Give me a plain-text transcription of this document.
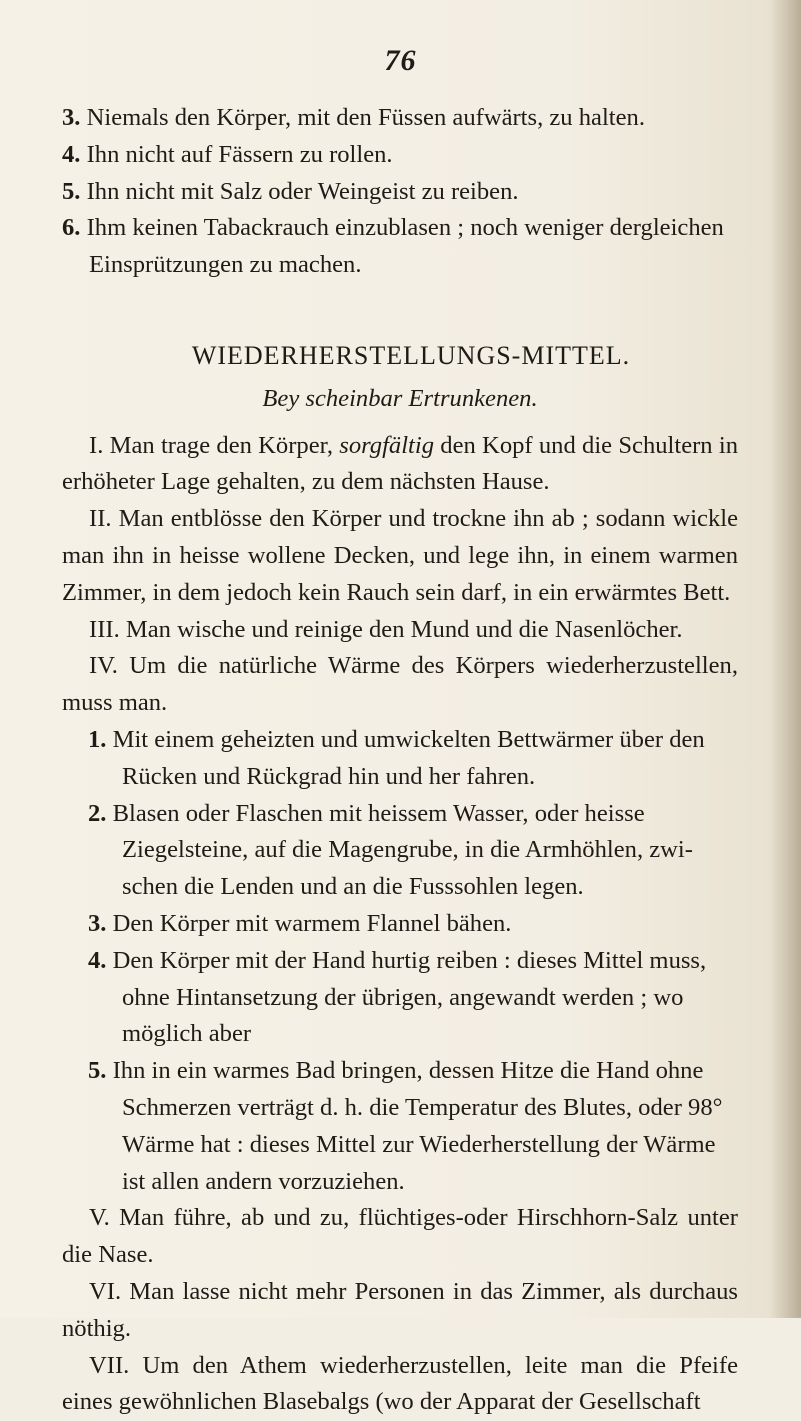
76

3. Niemals den Körper, mit den Füssen aufwärts, zu halten.

4. Ihn nicht auf Fässern zu rollen.

5. Ihn nicht mit Salz oder Weingeist zu reiben.

6. Ihm keinen Tabackrauch einzublasen ; noch weniger dergleichen Einsprützungen zu machen.

WIEDERHERSTELLUNGS-MITTEL.

Bey scheinbar Ertrunkenen.

I. Man trage den Körper, sorgfältig den Kopf und die Schultern in erhöheter Lage gehalten, zu dem nächsten Hause.

II. Man entblösse den Körper und trockne ihn ab ; sodann wickle man ihn in heisse wollene Decken, und lege ihn, in einem warmen Zimmer, in dem jedoch kein Rauch sein darf, in ein erwärmtes Bett.

III. Man wische und reinige den Mund und die Nasenlöcher.

IV. Um die natürliche Wärme des Körpers wiederherzustellen, muss man.

1. Mit einem geheizten und umwickelten Bettwärmer über den Rücken und Rückgrad hin und her fahren.

2. Blasen oder Flaschen mit heissem Wasser, oder heisse Ziegelsteine, auf die Magengrube, in die Armhöhlen, zwischen die Lenden und an die Fusssohlen legen.

3. Den Körper mit warmem Flannel bähen.

4. Den Körper mit der Hand hurtig reiben : dieses Mittel muss, ohne Hintansetzung der übrigen, angewandt werden ; wo möglich aber

5. Ihn in ein warmes Bad bringen, dessen Hitze die Hand ohne Schmerzen verträgt d. h. die Temperatur des Blutes, oder 98° Wärme hat : dieses Mittel zur Wiederherstellung der Wärme ist allen andern vorzuziehen.

V. Man führe, ab und zu, flüchtiges-oder Hirschhorn-Salz unter die Nase.

VI. Man lasse nicht mehr Personen in das Zimmer, als durchaus nöthig.

VII. Um den Athem wiederherzustellen, leite man die Pfeife eines gewöhnlichen Blasebalgs (wo der Apparat der Gesellschaft
